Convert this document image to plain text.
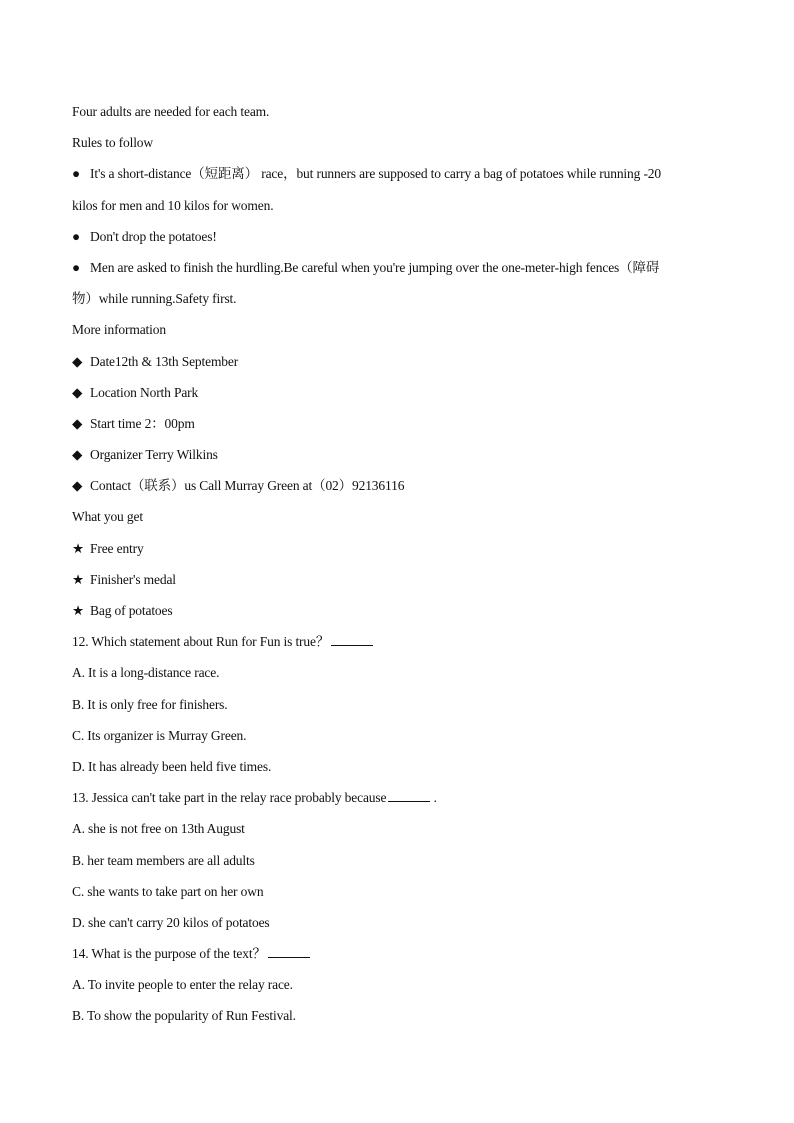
Four adults are needed for each team.
Rules to follow
● It's a short-distance（短距离） race，but runners are supposed to carry a bag of potatoes while running -20
kilos for men and 10 kilos for women.
● Don't drop the potatoes!
● Men are asked to finish the hurdling.Be careful when you're jumping over the one-meter-high fences（障碍
物）while running.Safety first.
More information
◆ Date12th & 13th September
◆ Location North Park
◆ Start time 2：00pm
◆ Organizer Terry Wilkins
◆ Contact（联系）us Call Murray Green at（02）92136116
What you get
★ Free entry
★ Finisher's medal
★ Bag of potatoes
12. Which statement about Run for Fun is true？
A. It is a long-distance race.
B. It is only free for finishers.
C. Its organizer is Murray Green.
D. It has already been held five times.
13. Jessica can't take part in the relay race probably because	.
A. she is not free on 13th August
B. her team members are all adults
C. she wants to take part on her own
D. she can't carry 20 kilos of potatoes
14. What is the purpose of the text？
A. To invite people to enter the relay race.
B. To show the popularity of Run Festival.
